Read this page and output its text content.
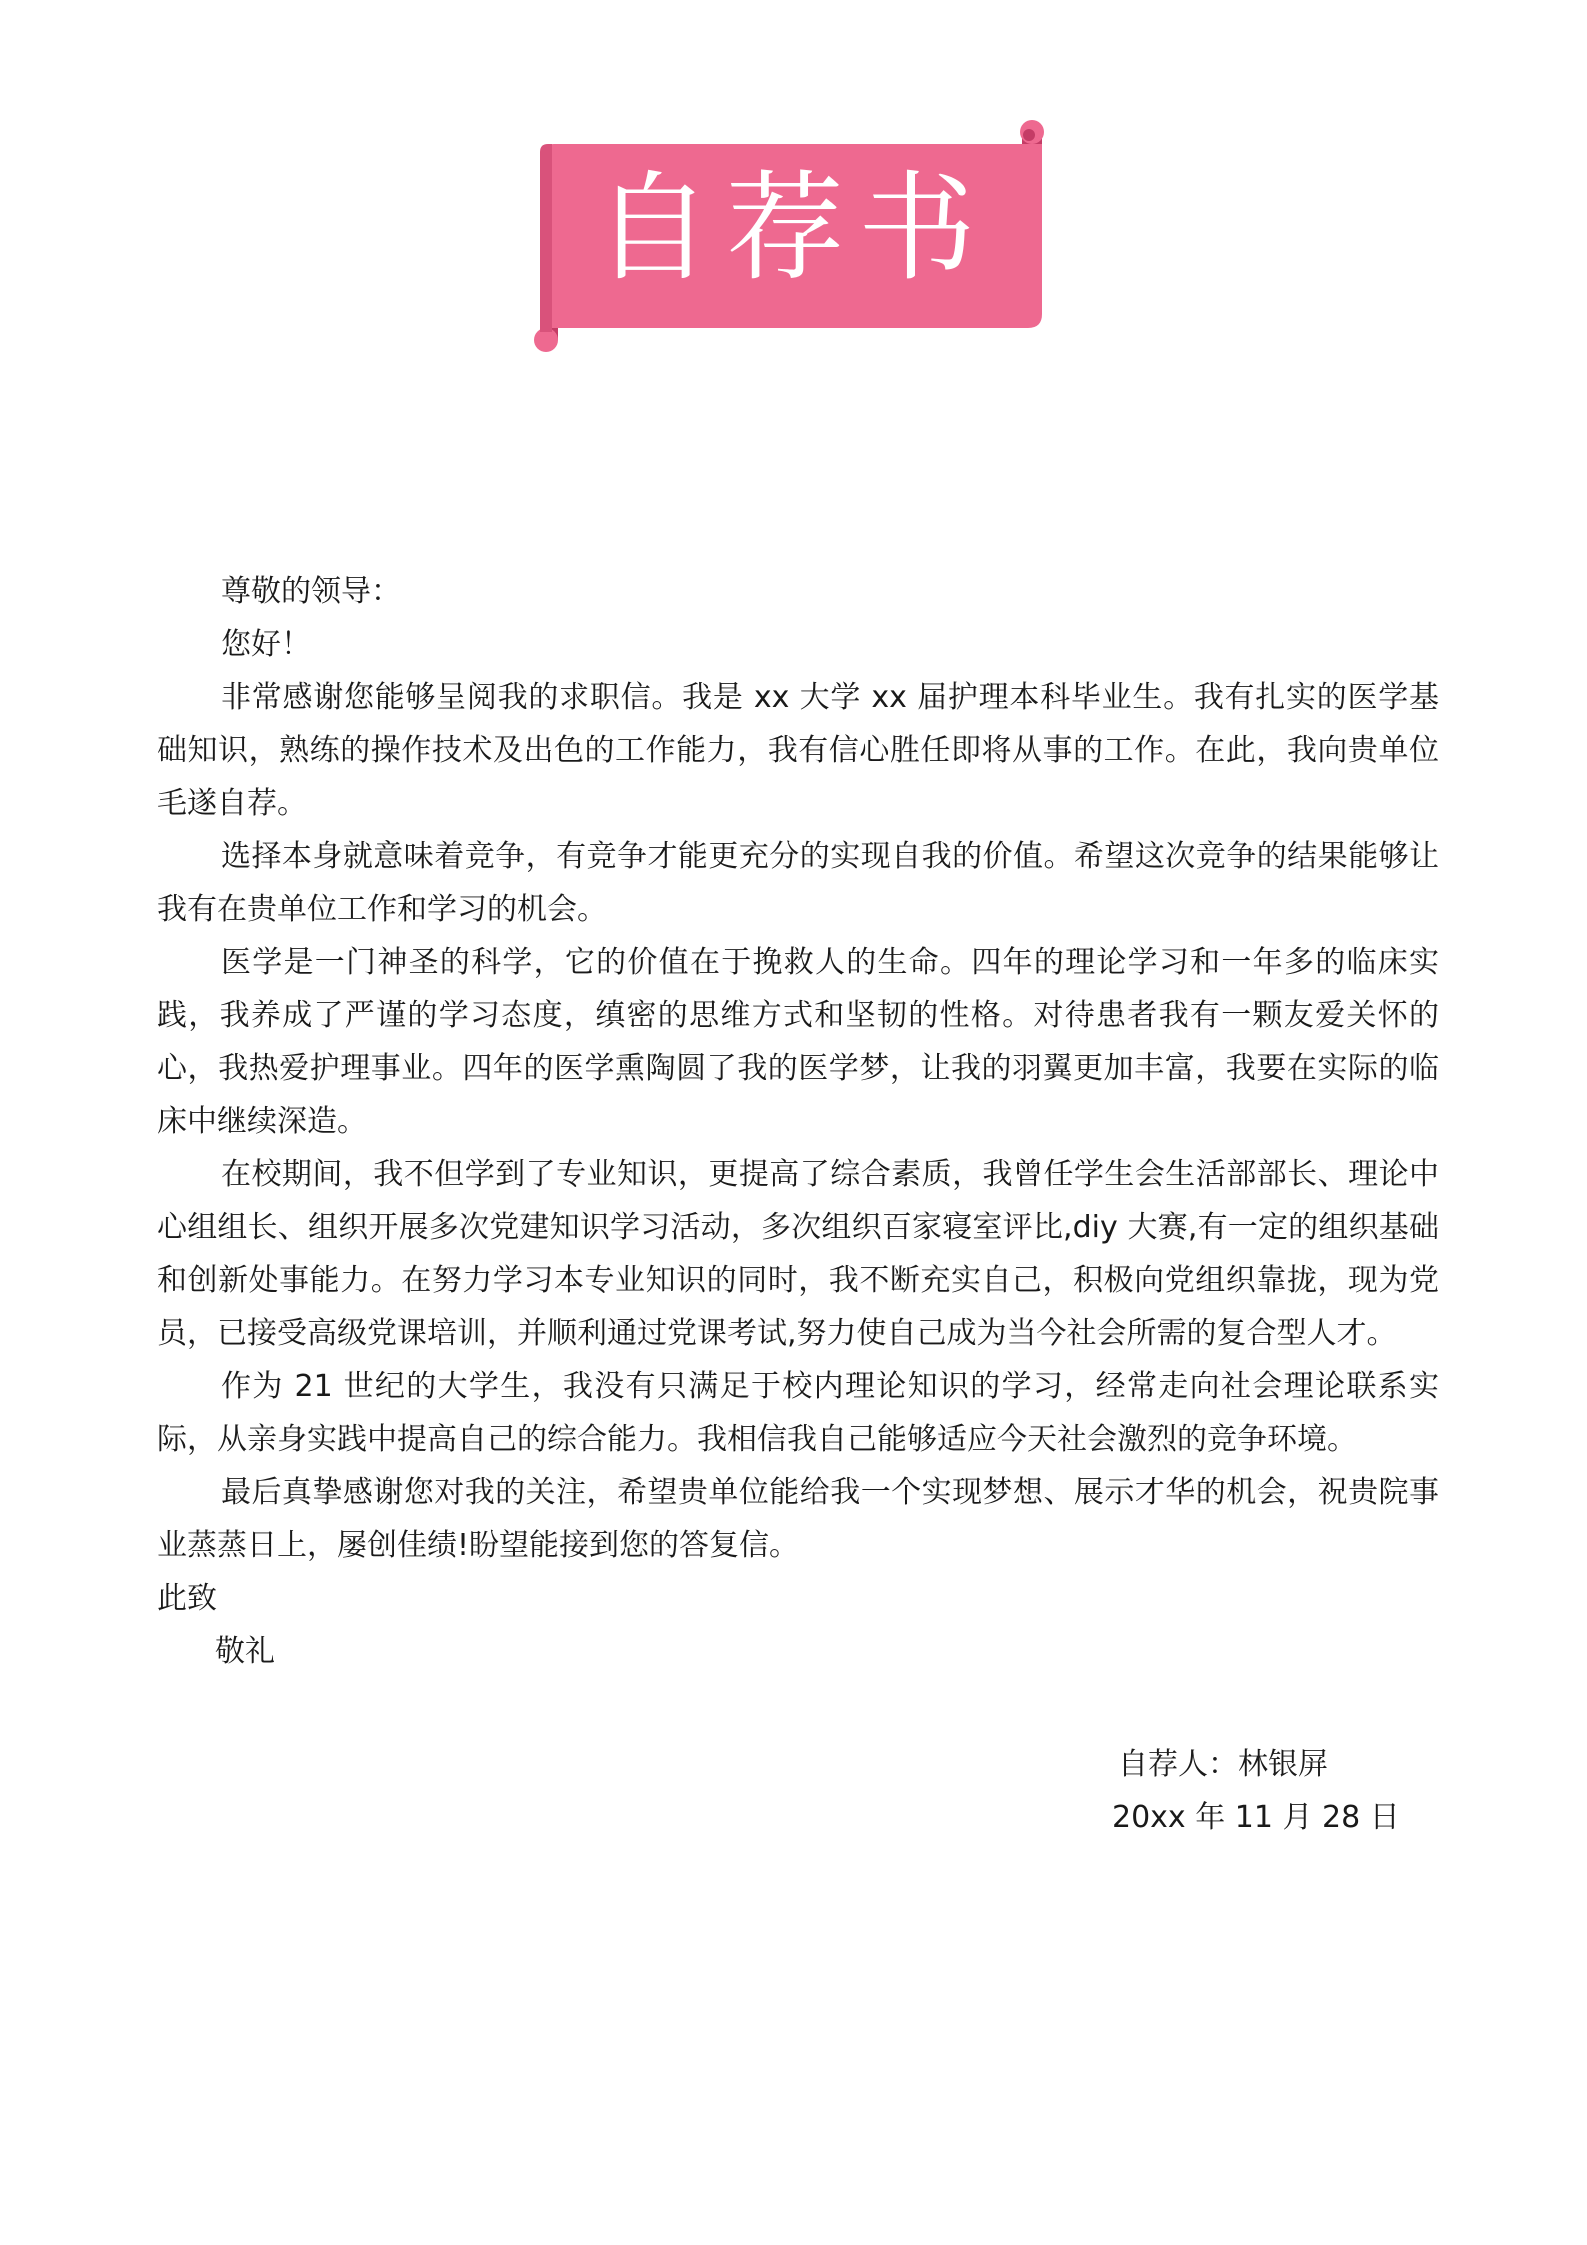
自荐书

尊敬的领导：

您好！

非常感谢您能够呈阅我的求职信。我是 xx 大学 xx 届护理本科毕业生。我有扎实的医学基础知识，熟练的操作技术及出色的工作能力，我有信心胜任即将从事的工作。在此，我向贵单位毛遂自荐。

选择本身就意味着竞争，有竞争才能更充分的实现自我的价值。希望这次竞争的结果能够让我有在贵单位工作和学习的机会。

医学是一门神圣的科学，它的价值在于挽救人的生命。四年的理论学习和一年多的临床实践，我养成了严谨的学习态度，缜密的思维方式和坚韧的性格。对待患者我有一颗友爱关怀的心，我热爱护理事业。四年的医学熏陶圆了我的医学梦，让我的羽翼更加丰富，我要在实际的临床中继续深造。

在校期间，我不但学到了专业知识，更提高了综合素质，我曾任学生会生活部部长、理论中心组组长、组织开展多次党建知识学习活动，多次组织百家寝室评比,diy 大赛,有一定的组织基础和创新处事能力。在努力学习本专业知识的同时，我不断充实自己，积极向党组织靠拢，现为党员，已接受高级党课培训，并顺利通过党课考试,努力使自己成为当今社会所需的复合型人才。

作为 21 世纪的大学生，我没有只满足于校内理论知识的学习，经常走向社会理论联系实际，从亲身实践中提高自己的综合能力。我相信我自己能够适应今天社会激烈的竞争环境。

最后真挚感谢您对我的关注，希望贵单位能给我一个实现梦想、展示才华的机会，祝贵院事业蒸蒸日上，屡创佳绩!盼望能接到您的答复信。

此致

敬礼

自荐人：林银屏
20xx 年 11 月 28 日
